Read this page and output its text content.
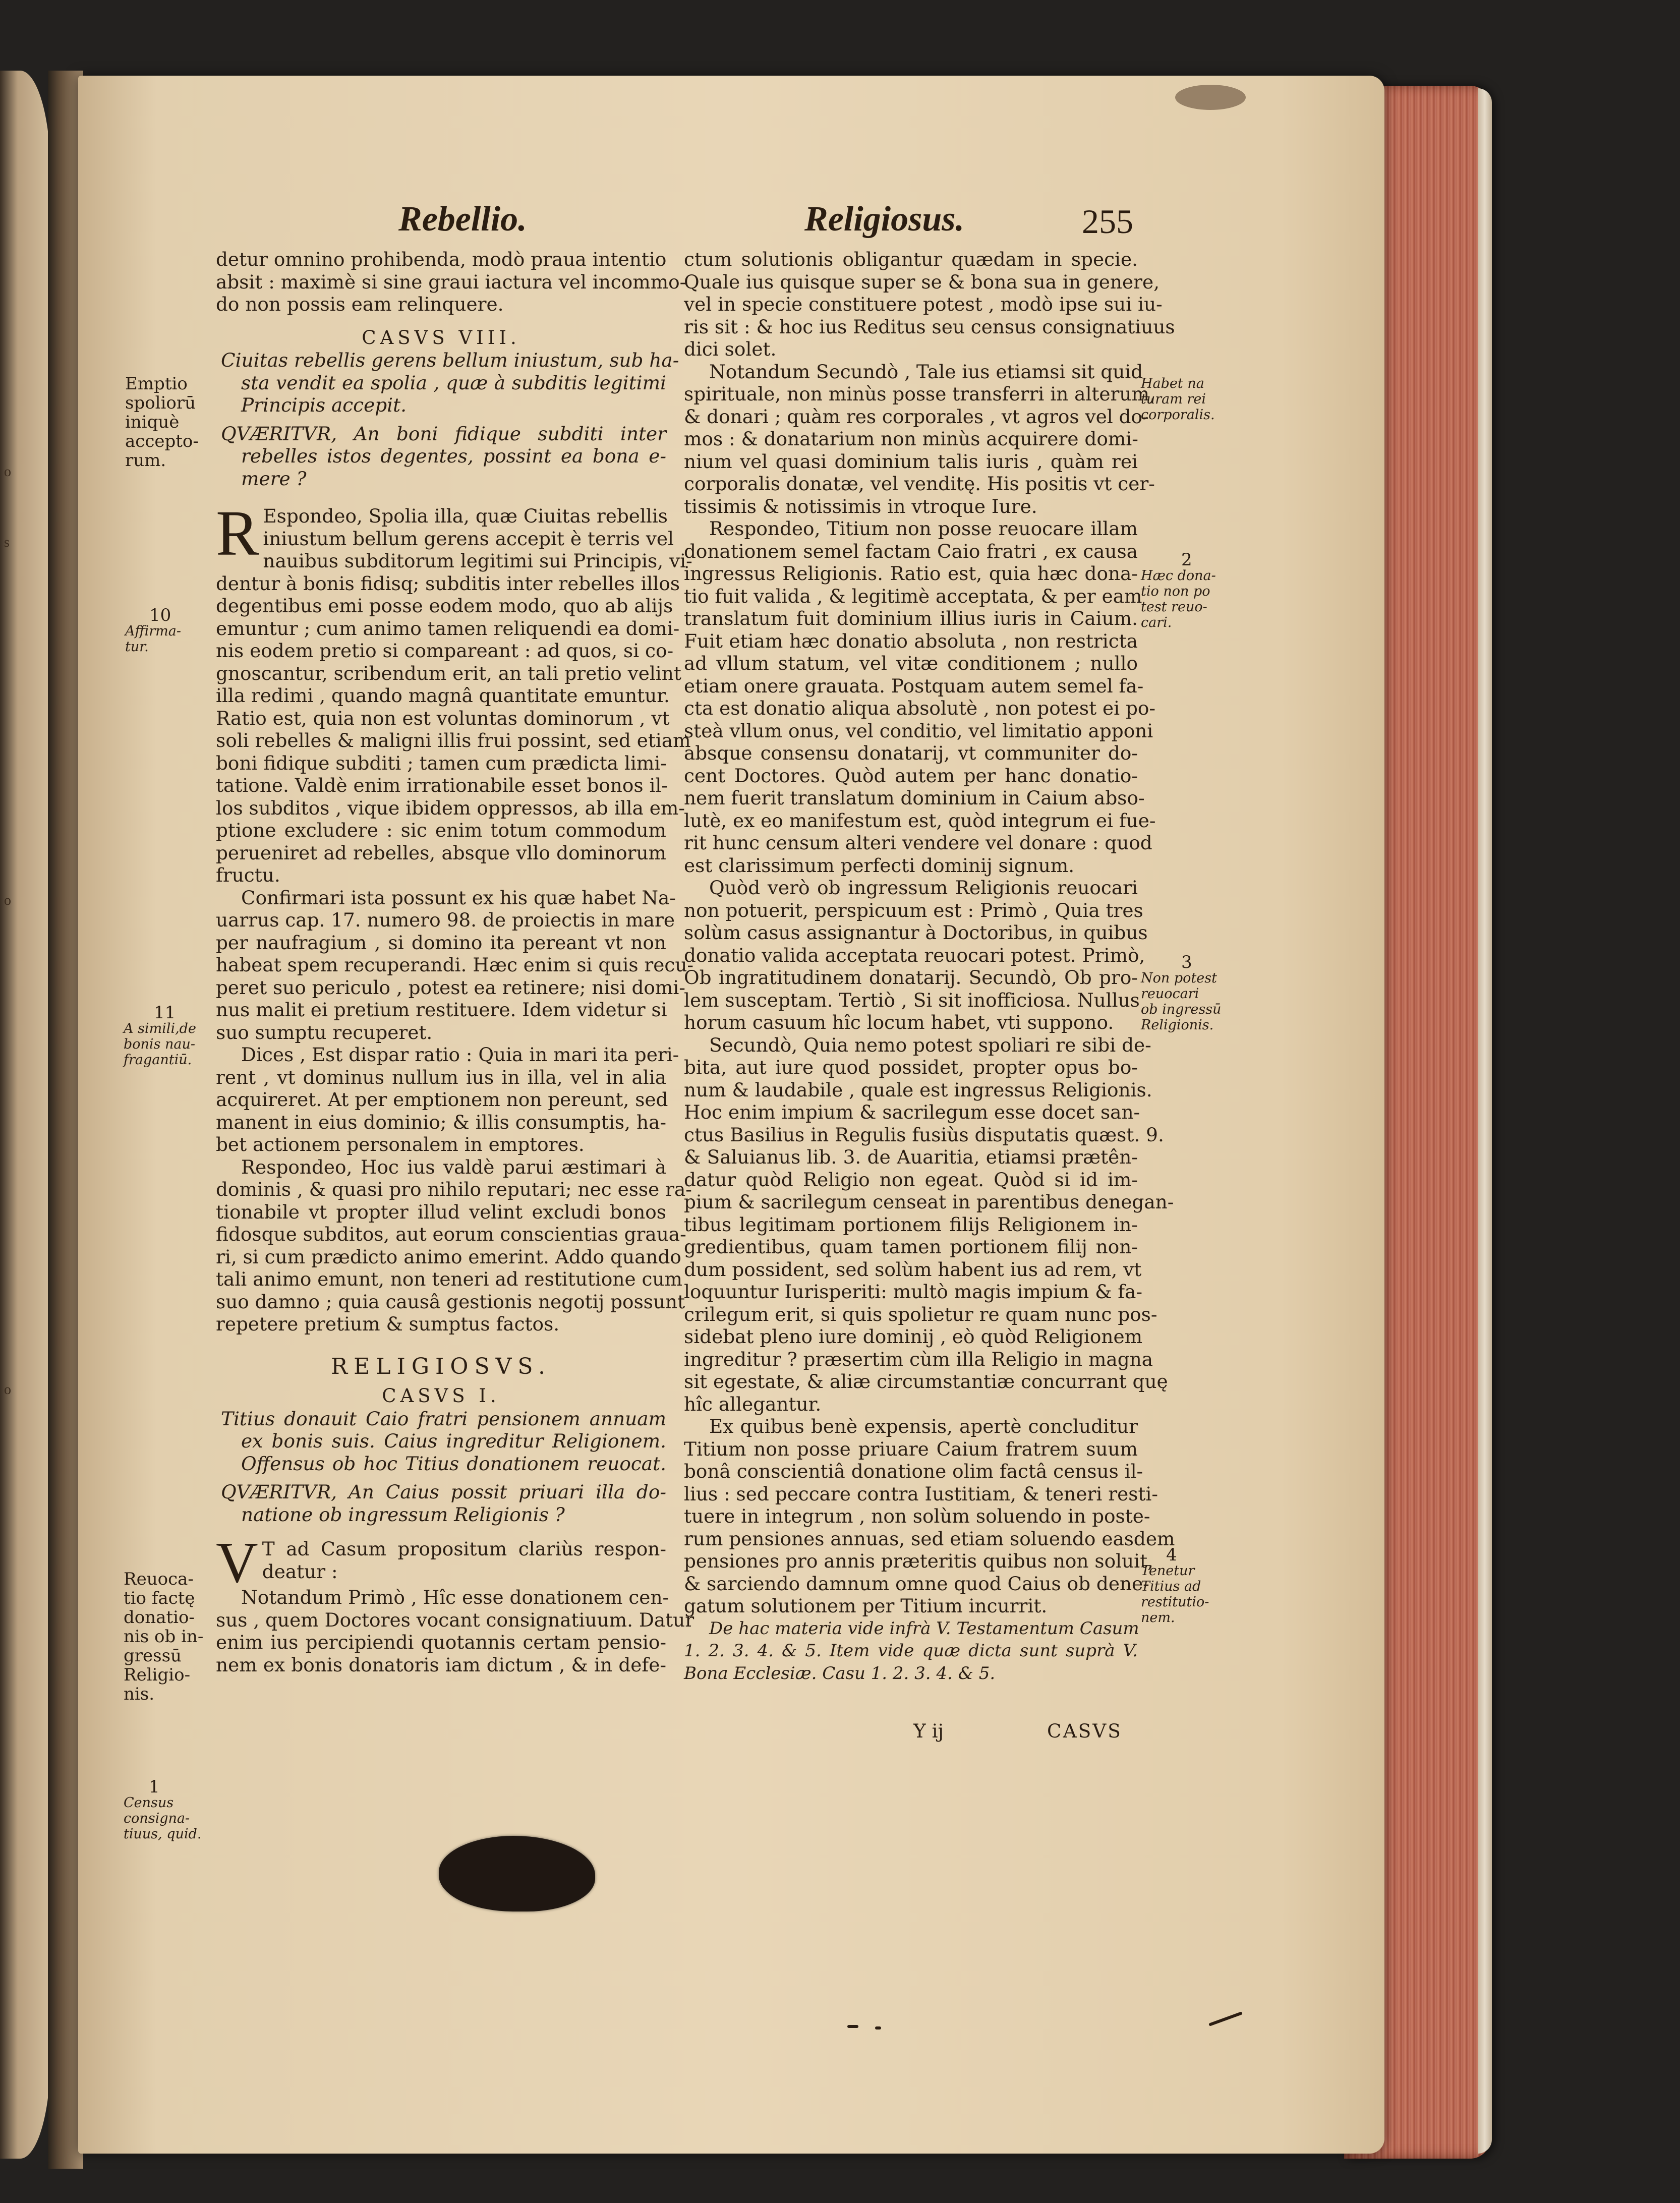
o
s
o
o
Rebellio.	Religiosus.	255
Emptio
spoliorū
iniquè
accepto-
rum.
10
Affirma-
tur.
11
A simili,de
bonis nau-
fragantiū.
Reuoca-
tio factę
donatio-
nis ob in-
gressū
Religio-
nis.
1
Census
consigna-
tiuus, quid.
Habet na
turam rei
corporalis.
2
Hæc dona-
tio non po
test reuo-
cari.
3
Non potest
reuocari
ob ingressū
Religionis.
4
Tenetur
Titius ad
restitutio-
nem.
detur omnino prohibenda, modò praua intentio
absit : maximè si sine graui iactura vel incommo-
do non possis eam relinquere.
CASVS VIII.
Ciuitas rebellis gerens bellum iniustum, sub ha-
sta vendit ea spolia , quæ à subditis legitimi
Principis accepit.
QVÆRITVR, An boni fidique subditi inter
rebelles istos degentes, possint ea bona e-
mere ?
R Espondeo, Spolia illa, quæ Ciuitas rebellis
iniustum bellum gerens accepit è terris vel
nauibus subditorum legitimi sui Principis, vi-
dentur à bonis fidisq; subditis inter rebelles illos
degentibus emi posse eodem modo, quo ab alijs
emuntur ; cum animo tamen reliquendi ea domi-
nis eodem pretio si compareant : ad quos, si co-
gnoscantur, scribendum erit, an tali pretio velint
illa redimi , quando magnâ quantitate emuntur.
Ratio est, quia non est voluntas dominorum , vt
soli rebelles & maligni illis frui possint, sed etiam
boni fidique subditi ; tamen cum prædicta limi-
tatione. Valdè enim irrationabile esset bonos il-
los subditos , vique ibidem oppressos, ab illa em-
ptione excludere : sic enim totum commodum
perueniret ad rebelles, absque vllo dominorum
fructu.
Confirmari ista possunt ex his quæ habet Na-
uarrus cap. 17. numero 98. de proiectis in mare
per naufragium , si domino ita pereant vt non
habeat spem recuperandi. Hæc enim si quis recu-
peret suo periculo , potest ea retinere; nisi domi-
nus malit ei pretium restituere. Idem videtur si
suo sumptu recuperet.
Dices , Est dispar ratio : Quia in mari ita peri-
rent , vt dominus nullum ius in illa, vel in alia
acquireret. At per emptionem non pereunt, sed
manent in eius dominio; & illis consumptis, ha-
bet actionem personalem in emptores.
Respondeo, Hoc ius valdè parui æstimari à
dominis , & quasi pro nihilo reputari; nec esse ra-
tionabile vt propter illud velint excludi bonos
fidosque subditos, aut eorum conscientias graua-
ri, si cum prædicto animo emerint. Addo quando
tali animo emunt, non teneri ad restitutione cum
suo damno ; quia causâ gestionis negotij possunt
repetere pretium & sumptus factos.
RELIGIOSVS.
CASVS I.
Titius donauit Caio fratri pensionem annuam
ex bonis suis. Caius ingreditur Religionem.
Offensus ob hoc Titius donationem reuocat.
QVÆRITVR, An Caius possit priuari illa do-
natione ob ingressum Religionis ?
V T ad Casum propositum clariùs respon-
deatur :
Notandum Primò , Hîc esse donationem cen-
sus , quem Doctores vocant consignatiuum. Datur
enim ius percipiendi quotannis certam pensio-
nem ex bonis donatoris iam dictum , & in defe-
ctum solutionis obligantur quædam in specie.
Quale ius quisque super se & bona sua in genere,
vel in specie constituere potest , modò ipse sui iu-
ris sit : & hoc ius Reditus seu census consignatiuus
dici solet.
Notandum Secundò , Tale ius etiamsi sit quid
spirituale, non minùs posse transferri in alterum,
& donari ; quàm res corporales , vt agros vel do-
mos : & donatarium non minùs acquirere domi-
nium vel quasi dominium talis iuris , quàm rei
corporalis donatæ, vel venditę. His positis vt cer-
tissimis & notissimis in vtroque Iure.
Respondeo, Titium non posse reuocare illam
donationem semel factam Caio fratri , ex causa
ingressus Religionis. Ratio est, quia hæc dona-
tio fuit valida , & legitimè acceptata, & per eam
translatum fuit dominium illius iuris in Caium.
Fuit etiam hæc donatio absoluta , non restricta
ad vllum statum, vel vitæ conditionem ; nullo
etiam onere grauata. Postquam autem semel fa-
cta est donatio aliqua absolutè , non potest ei po-
steà vllum onus, vel conditio, vel limitatio apponi
absque consensu donatarij, vt communiter do-
cent Doctores. Quòd autem per hanc donatio-
nem fuerit translatum dominium in Caium abso-
lutè, ex eo manifestum est, quòd integrum ei fue-
rit hunc censum alteri vendere vel donare : quod
est clarissimum perfecti dominij signum.
Quòd verò ob ingressum Religionis reuocari
non potuerit, perspicuum est : Primò , Quia tres
solùm casus assignantur à Doctoribus, in quibus
donatio valida acceptata reuocari potest. Primò,
Ob ingratitudinem donatarij. Secundò, Ob pro-
lem susceptam. Tertiò , Si sit inofficiosa. Nullus
horum casuum hîc locum habet, vti suppono.
Secundò, Quia nemo potest spoliari re sibi de-
bita, aut iure quod possidet, propter opus bo-
num & laudabile , quale est ingressus Religionis.
Hoc enim impium & sacrilegum esse docet san-
ctus Basilius in Regulis fusiùs disputatis quæst. 9.
& Saluianus lib. 3. de Auaritia, etiamsi prætên-
datur quòd Religio non egeat. Quòd si id im-
pium & sacrilegum censeat in parentibus denegan-
tibus legitimam portionem filijs Religionem in-
gredientibus, quam tamen portionem filij non-
dum possident, sed solùm habent ius ad rem, vt
loquuntur Iurisperiti: multò magis impium & fa-
crilegum erit, si quis spolietur re quam nunc pos-
sidebat pleno iure dominij , eò quòd Religionem
ingreditur ? præsertim cùm illa Religio in magna
sit egestate, & aliæ circumstantiæ concurrant quę
hîc allegantur.
Ex quibus benè expensis, apertè concluditur
Titium non posse priuare Caium fratrem suum
bonâ conscientiâ donatione olim factâ census il-
lius : sed peccare contra Iustitiam, & teneri resti-
tuere in integrum , non solùm soluendo in poste-
rum pensiones annuas, sed etiam soluendo easdem
pensiones pro annis præteritis quibus non soluit,
& sarciendo damnum omne quod Caius ob dene-
gatum solutionem per Titium incurrit.
De hac materia vide infrà V. Testamentum Casum
1. 2. 3. 4. & 5. Item vide quæ dicta sunt suprà V.
Bona Ecclesiæ. Casu 1. 2. 3. 4. & 5.
Y ij	CASVS
